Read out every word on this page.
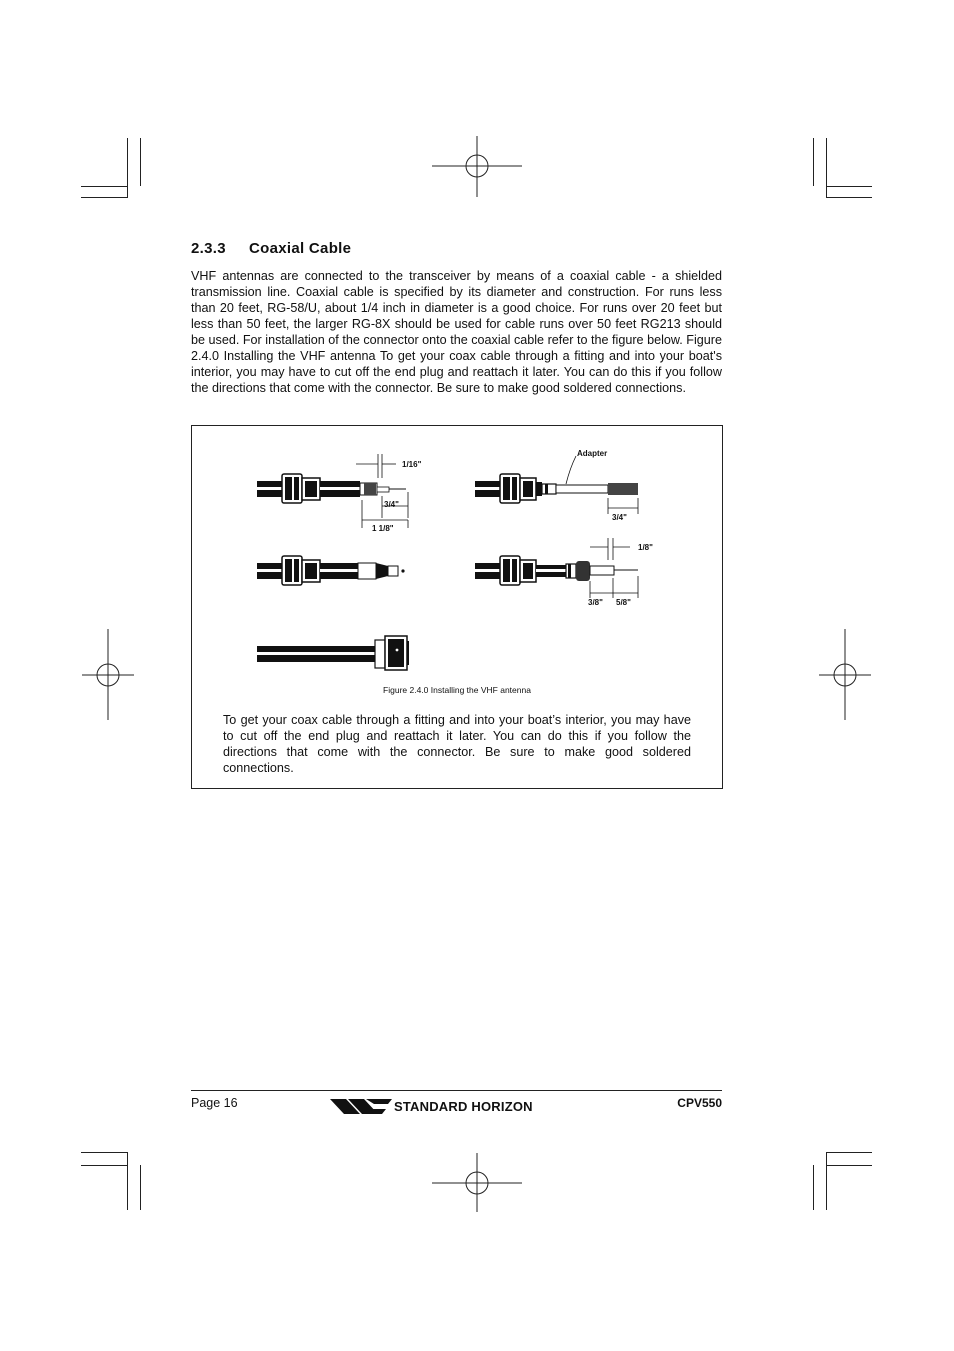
2.3.3 Coaxial Cable
VHF antennas are connected to the transceiver by means of a coaxial cable - a shielded transmission line. Coaxial cable is specified by its diameter and construction. For runs less than 20 feet, RG-58/U, about 1/4 inch in diameter is a good choice. For runs over 20 feet but less than 50 feet, the larger RG-8X should be used for cable runs over 50 feet RG213 should be used. For installation of the connector onto the coaxial cable refer to the figure below. Figure 2.4.0 Installing the VHF antenna To get your coax cable through a fitting and into your boat's interior, you may have to cut off the end plug and reattach it later. You can do this if you follow the directions that come with the connector. Be sure to make good soldered connections.
1/16"
3/4"
1 1/8"
Adapter
3/4"
1/8"
3/8" 5/8"
Figure 2.4.0 Installing the VHF antenna
To get your coax cable through a fitting and into your boat’s interior, you may have to cut off the end plug and reattach it later. You can do this if you follow the directions that come with the connector. Be sure to make good soldered connections.
Page 16	STANDARD HORIZON	CPV550
